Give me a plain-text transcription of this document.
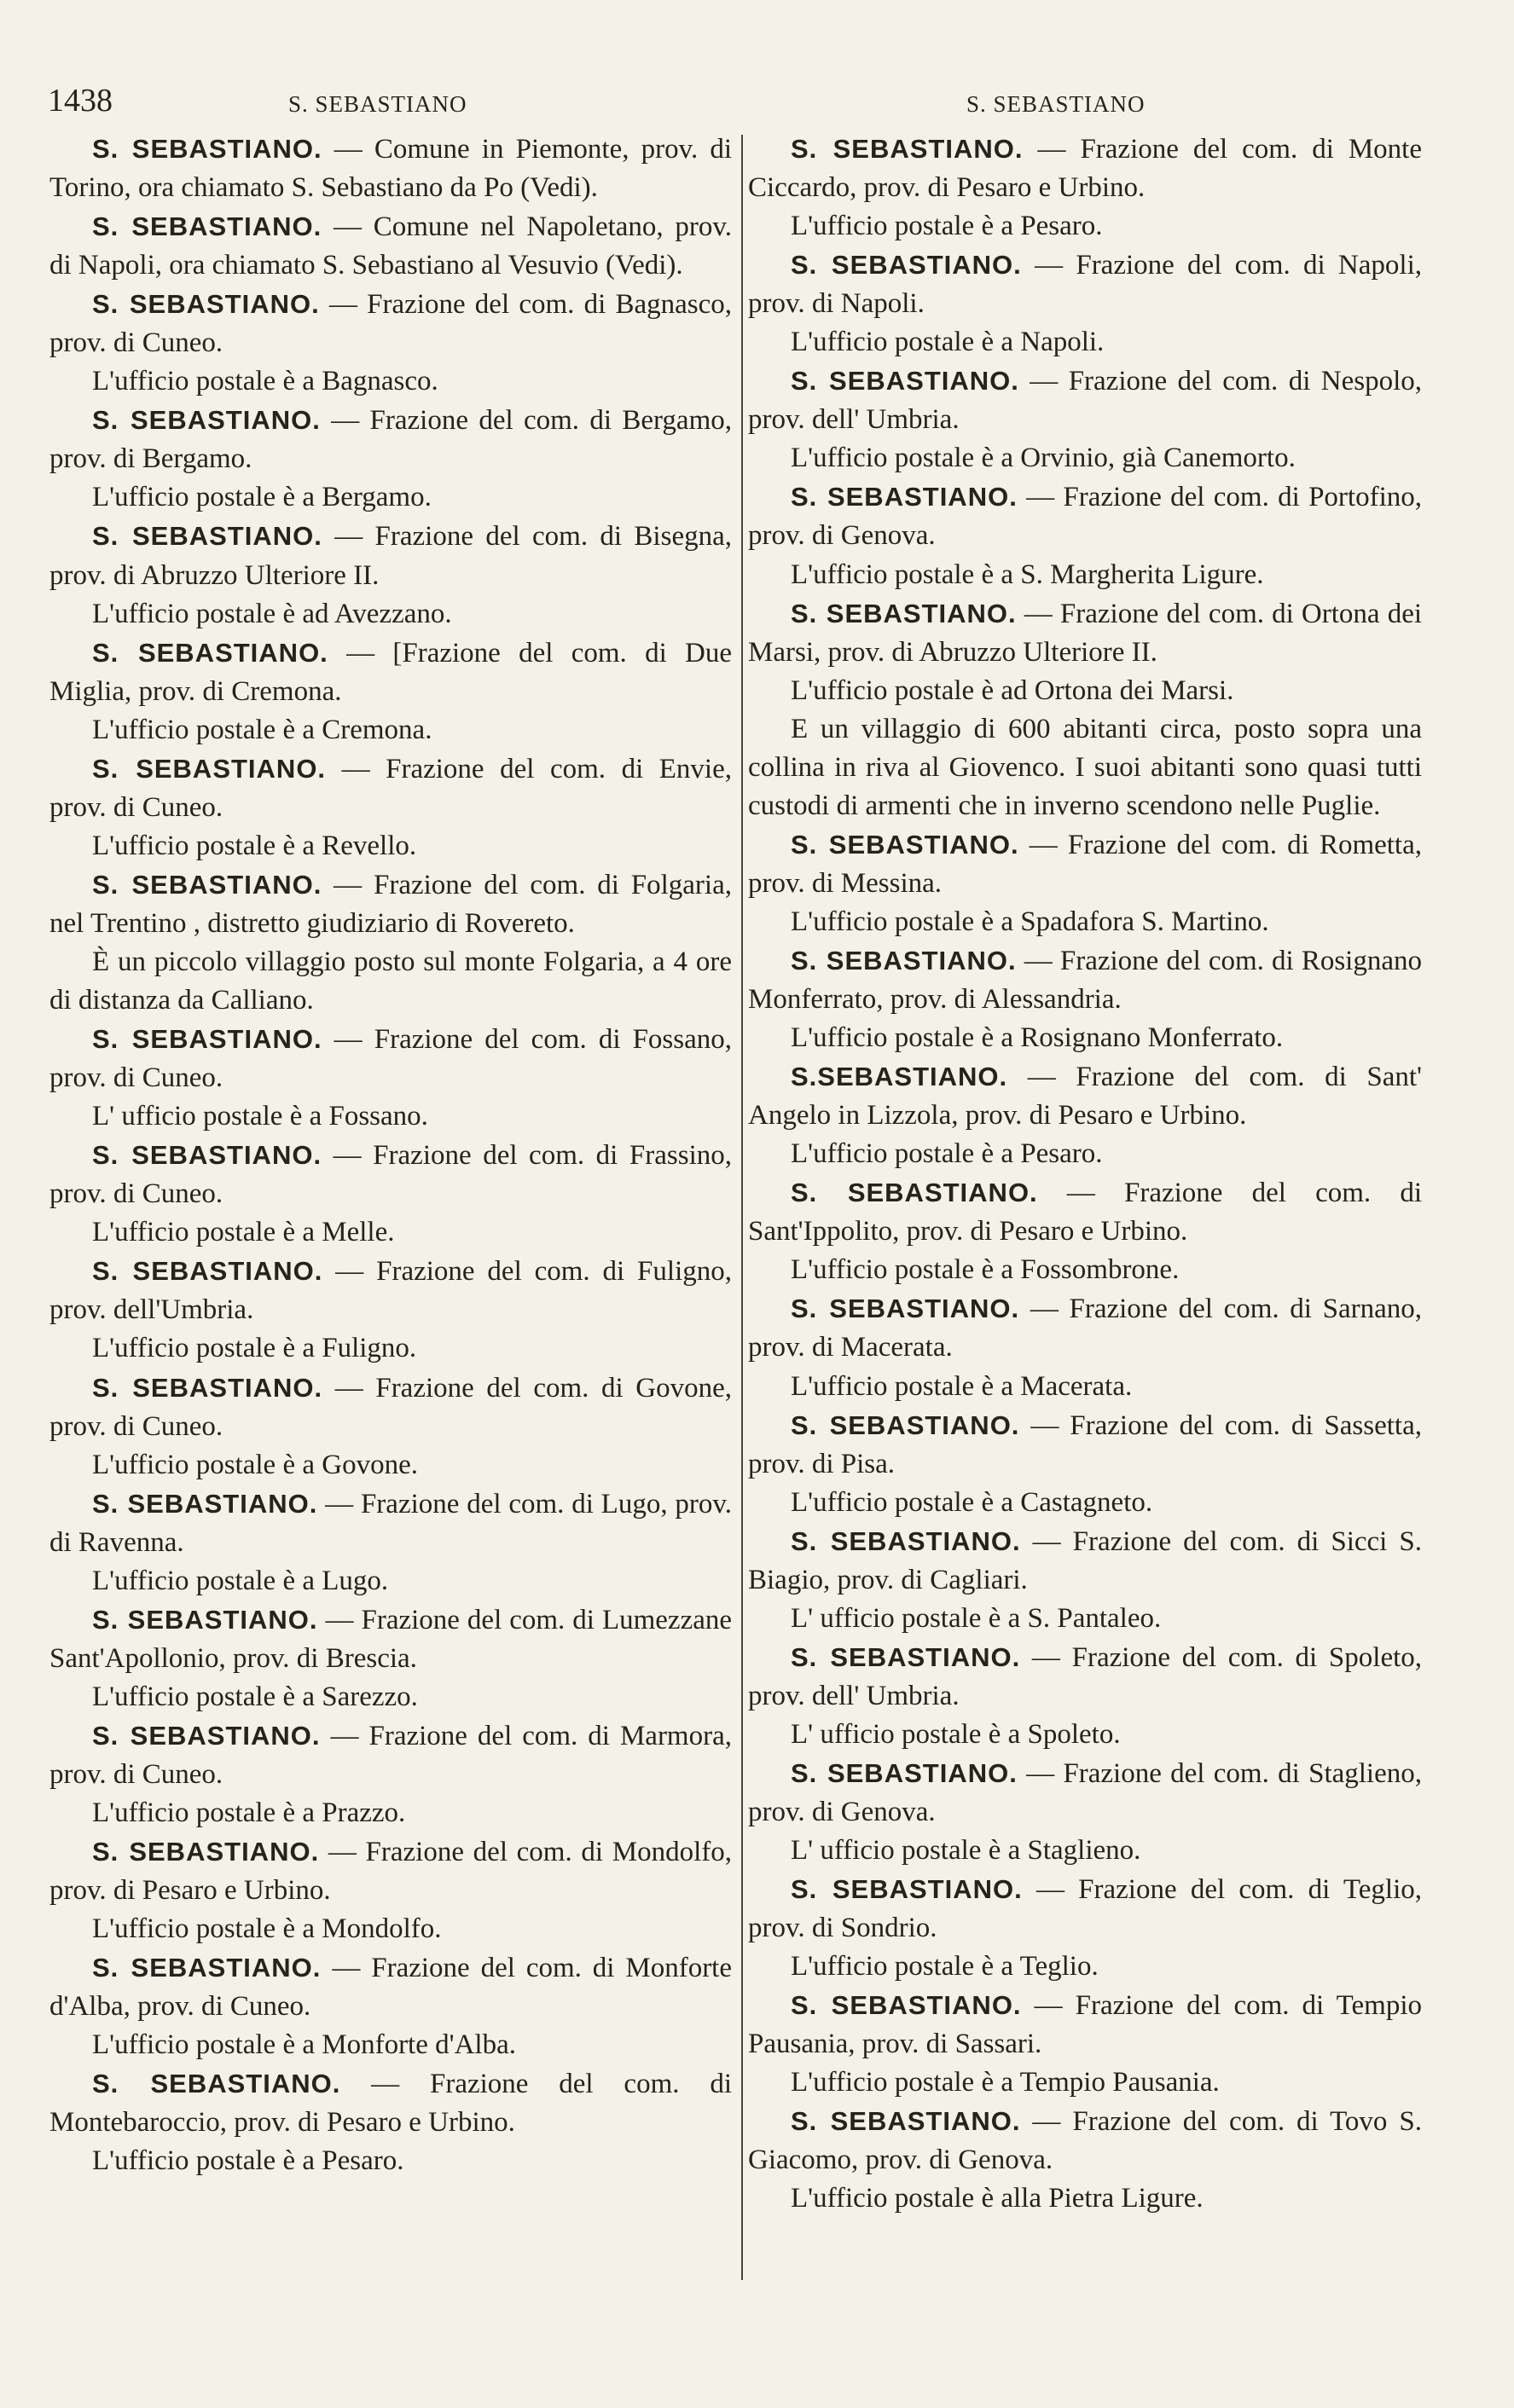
1438	S. SEBASTIANO	S. SEBASTIANO

S. SEBASTIANO. — Comune in Piemonte, prov. di Torino, ora chiamato S. Sebastiano da Po (Vedi).

S. SEBASTIANO. — Comune nel Napoletano, prov. di Napoli, ora chiamato S. Sebastiano al Vesuvio (Vedi).

S. SEBASTIANO. — Frazione del com. di Bagnasco, prov. di Cuneo.

L'ufficio postale è a Bagnasco.

S. SEBASTIANO. — Frazione del com. di Bergamo, prov. di Bergamo.

L'ufficio postale è a Bergamo.

S. SEBASTIANO. — Frazione del com. di Bisegna, prov. di Abruzzo Ulteriore II.

L'ufficio postale è ad Avezzano.

S. SEBASTIANO. — [Frazione del com. di Due Miglia, prov. di Cremona.

L'ufficio postale è a Cremona.

S. SEBASTIANO. — Frazione del com. di Envie, prov. di Cuneo.

L'ufficio postale è a Revello.

S. SEBASTIANO. — Frazione del com. di Folgaria, nel Trentino , distretto giudiziario di Rovereto.

È un piccolo villaggio posto sul monte Folgaria, a 4 ore di distanza da Calliano.

S. SEBASTIANO. — Frazione del com. di Fossano, prov. di Cuneo.

L' ufficio postale è a Fossano.

S. SEBASTIANO. — Frazione del com. di Frassino, prov. di Cuneo.

L'ufficio postale è a Melle.

S. SEBASTIANO. — Frazione del com. di Fuligno, prov. dell'Umbria.

L'ufficio postale è a Fuligno.

S. SEBASTIANO. — Frazione del com. di Govone, prov. di Cuneo.

L'ufficio postale è a Govone.

S. SEBASTIANO. — Frazione del com. di Lugo, prov. di Ravenna.

L'ufficio postale è a Lugo.

S. SEBASTIANO. — Frazione del com. di Lumezzane Sant'Apollonio, prov. di Brescia.

L'ufficio postale è a Sarezzo.

S. SEBASTIANO. — Frazione del com. di Marmora, prov. di Cuneo.

L'ufficio postale è a Prazzo.

S. SEBASTIANO. — Frazione del com. di Mondolfo, prov. di Pesaro e Urbino.

L'ufficio postale è a Mondolfo.

S. SEBASTIANO. — Frazione del com. di Monforte d'Alba, prov. di Cuneo.

L'ufficio postale è a Monforte d'Alba.

S. SEBASTIANO. — Frazione del com. di Montebaroccio, prov. di Pesaro e Urbino.

L'ufficio postale è a Pesaro.

S. SEBASTIANO. — Frazione del com. di Monte Ciccardo, prov. di Pesaro e Urbino.

L'ufficio postale è a Pesaro.

S. SEBASTIANO. — Frazione del com. di Napoli, prov. di Napoli.

L'ufficio postale è a Napoli.

S. SEBASTIANO. — Frazione del com. di Nespolo, prov. dell' Umbria.

L'ufficio postale è a Orvinio, già Canemorto.

S. SEBASTIANO. — Frazione del com. di Portofino, prov. di Genova.

L'ufficio postale è a S. Margherita Ligure.

S. SEBASTIANO. — Frazione del com. di Ortona dei Marsi, prov. di Abruzzo Ulteriore II.

L'ufficio postale è ad Ortona dei Marsi.

E un villaggio di 600 abitanti circa, posto sopra una collina in riva al Giovenco. I suoi abitanti sono quasi tutti custodi di armenti che in inverno scendono nelle Puglie.

S. SEBASTIANO. — Frazione del com. di Rometta, prov. di Messina.

L'ufficio postale è a Spadafora S. Martino.

S. SEBASTIANO. — Frazione del com. di Rosignano Monferrato, prov. di Alessandria.

L'ufficio postale è a Rosignano Monferrato.

S.SEBASTIANO. — Frazione del com. di Sant' Angelo in Lizzola, prov. di Pesaro e Urbino.

L'ufficio postale è a Pesaro.

S. SEBASTIANO. — Frazione del com. di Sant'Ippolito, prov. di Pesaro e Urbino.

L'ufficio postale è a Fossombrone.

S. SEBASTIANO. — Frazione del com. di Sarnano, prov. di Macerata.

L'ufficio postale è a Macerata.

S. SEBASTIANO. — Frazione del com. di Sassetta, prov. di Pisa.

L'ufficio postale è a Castagneto.

S. SEBASTIANO. — Frazione del com. di Sicci S. Biagio, prov. di Cagliari.

L' ufficio postale è a S. Pantaleo.

S. SEBASTIANO. — Frazione del com. di Spoleto, prov. dell' Umbria.

L' ufficio postale è a Spoleto.

S. SEBASTIANO. — Frazione del com. di Staglieno, prov. di Genova.

L' ufficio postale è a Staglieno.

S. SEBASTIANO. — Frazione del com. di Teglio, prov. di Sondrio.

L'ufficio postale è a Teglio.

S. SEBASTIANO. — Frazione del com. di Tempio Pausania, prov. di Sassari.

L'ufficio postale è a Tempio Pausania.

S. SEBASTIANO. — Frazione del com. di Tovo S. Giacomo, prov. di Genova.

L'ufficio postale è alla Pietra Ligure.
